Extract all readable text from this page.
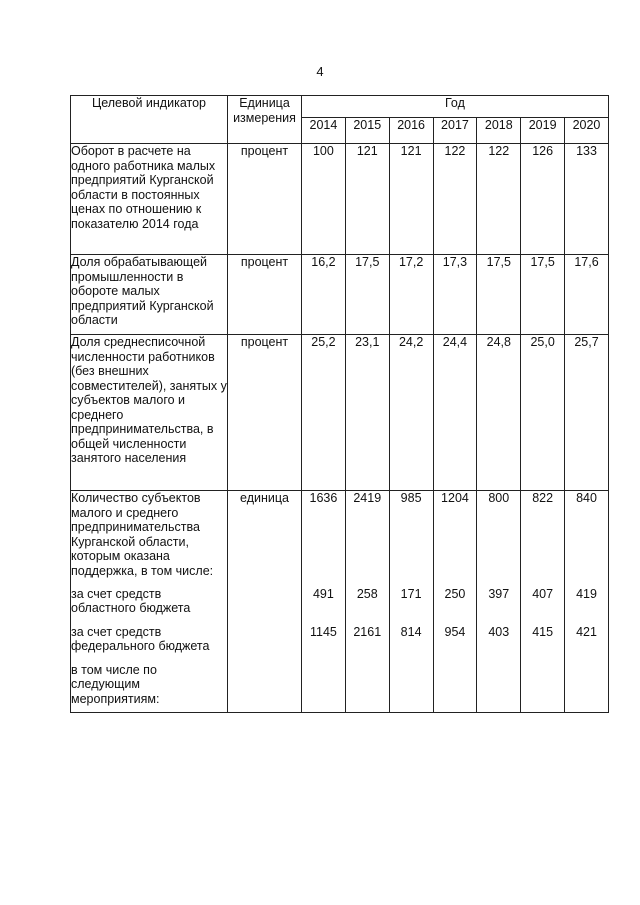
4
Целевой индикатор	Единица измерения	Год						
		2014	2015	2016	2017	2018	2019	2020
Оборот в расчете на одного работника малых предприятий Курганской области в постоянных ценах по отношению к показателю 2014 года	процент	100	121	121	122	122	126	133
Доля обрабатывающей промышленности в обороте малых предприятий Курганской области	процент	16,2	17,5	17,2	17,3	17,5	17,5	17,6
Доля среднесписочной численности работников (без внешних совместителей), занятых у субъектов малого и среднего предпринимательства, в общей численности занятого населения	процент	25,2	23,1	24,2	24,4	24,8	25,0	25,7
Количество субъектов малого и среднего предпринимательства Курганской области, которым оказана поддержка, в том числе:	единица	1636	2419	985	1204	800	822	840
за счет средств областного бюджета		491	258	171	250	397	407	419
за счет средств федерального бюджета		1145	2161	814	954	403	415	421
в том числе по следующим мероприятиям:								
